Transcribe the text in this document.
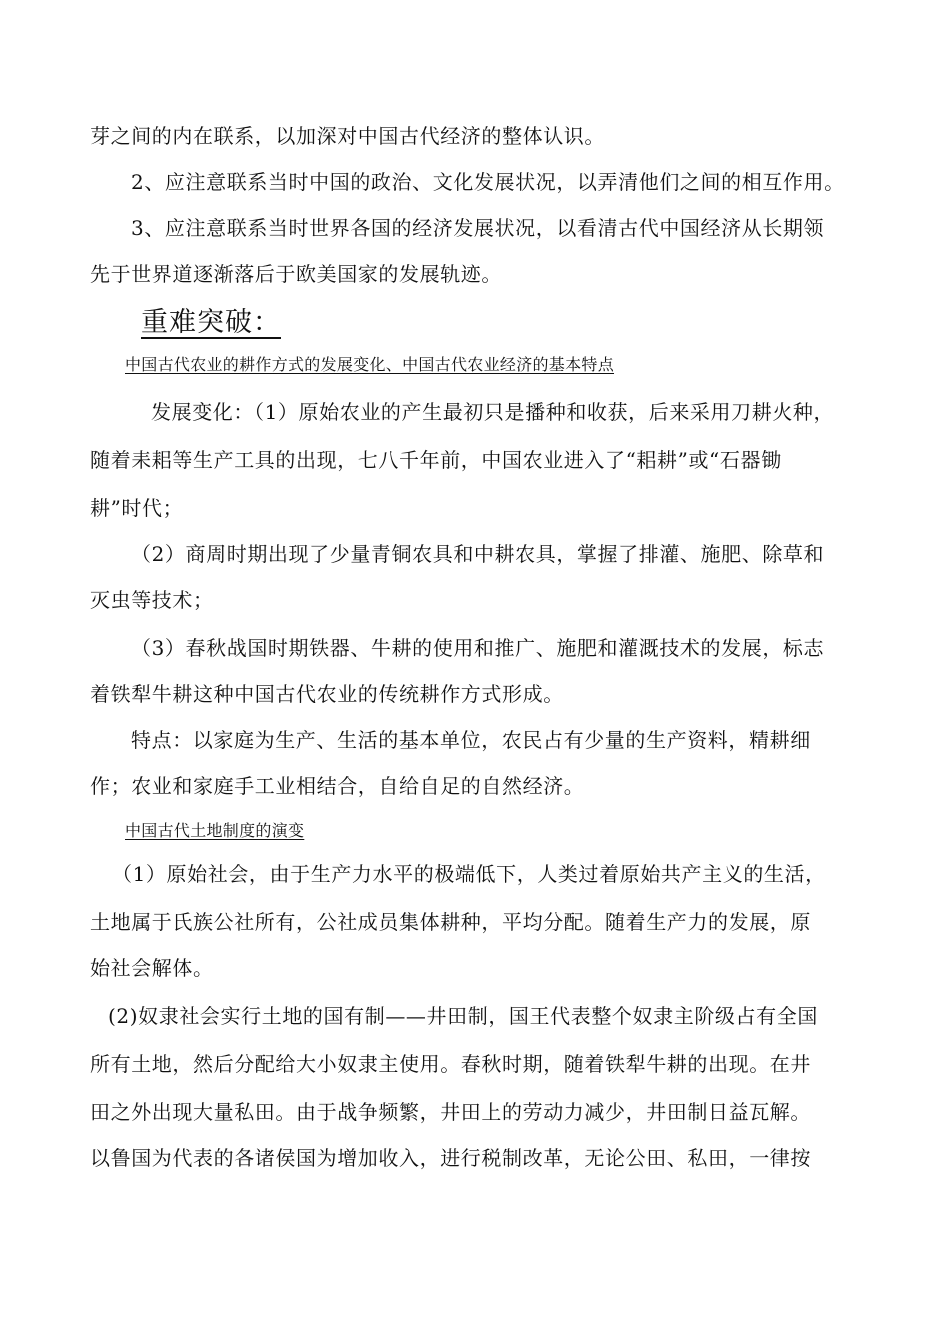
芽之间的内在联系，以加深对中国古代经济的整体认识。
2、应注意联系当时中国的政治、文化发展状况，以弄清他们之间的相互作用。
3、应注意联系当时世界各国的经济发展状况，以看清古代中国经济从长期领
先于世界道逐渐落后于欧美国家的发展轨迹。
重难突破：
中国古代农业的耕作方式的发展变化、中国古代农业经济的基本特点
发展变化：（1）原始农业的产生最初只是播种和收获，后来采用刀耕火种，
随着耒耜等生产工具的出现，七八千年前，中国农业进入了“耜耕”或“石器锄
耕”时代；
（2）商周时期出现了少量青铜农具和中耕农具，掌握了排灌、施肥、除草和
灭虫等技术；
（3）春秋战国时期铁器、牛耕的使用和推广、施肥和灌溉技术的发展，标志
着铁犁牛耕这种中国古代农业的传统耕作方式形成。
特点：以家庭为生产、生活的基本单位，农民占有少量的生产资料，精耕细
作；农业和家庭手工业相结合，自给自足的自然经济。
中国古代土地制度的演变
（1）原始社会，由于生产力水平的极端低下，人类过着原始共产主义的生活，
土地属于氏族公社所有，公社成员集体耕种，平均分配。随着生产力的发展，原
始社会解体。
(2)奴隶社会实行土地的国有制——井田制，国王代表整个奴隶主阶级占有全国
所有土地，然后分配给大小奴隶主使用。春秋时期，随着铁犁牛耕的出现。在井
田之外出现大量私田。由于战争频繁，井田上的劳动力减少，井田制日益瓦解。
以鲁国为代表的各诸侯国为增加收入，进行税制改革，无论公田、私田，一律按
